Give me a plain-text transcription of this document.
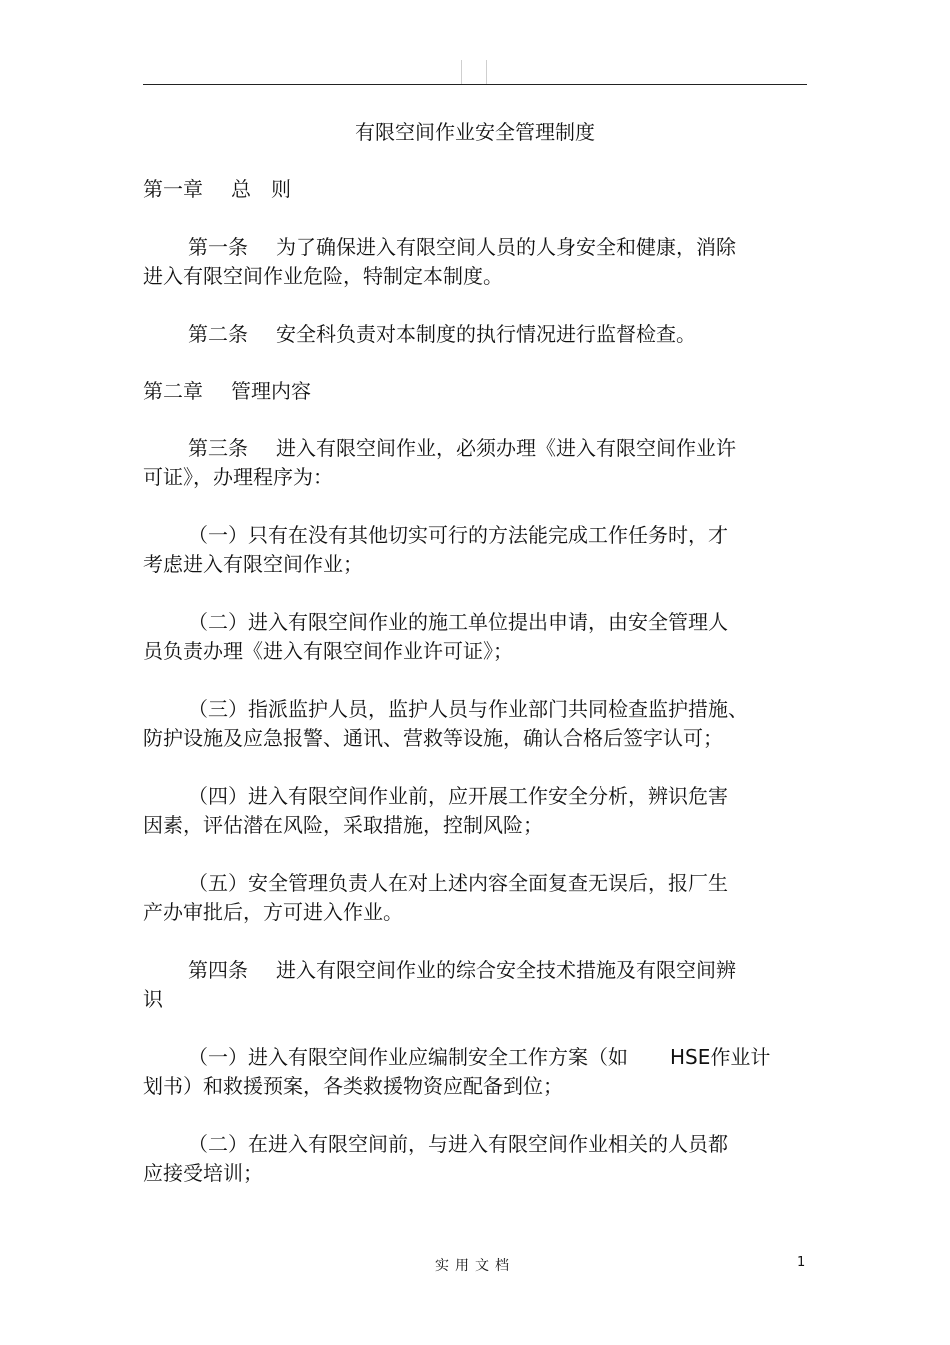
有限空间作业安全管理制度
第一章 总　则
第一条 为了确保进入有限空间人员的人身安全和健康，消除
进入有限空间作业危险，特制定本制度。
第二条 安全科负责对本制度的执行情况进行监督检查。
第二章 管理内容
第三条 进入有限空间作业，必须办理《进入有限空间作业许
可证》，办理程序为：
（一）只有在没有其他切实可行的方法能完成工作任务时，才
考虑进入有限空间作业；
（二）进入有限空间作业的施工单位提出申请，由安全管理人
员负责办理《进入有限空间作业许可证》；
（三）指派监护人员，监护人员与作业部门共同检查监护措施、
防护设施及应急报警、通讯、营救等设施，确认合格后签字认可；
（四）进入有限空间作业前，应开展工作安全分析，辨识危害
因素，评估潜在风险，采取措施，控制风险；
（五）安全管理负责人在对上述内容全面复查无误后，报厂生
产办审批后，方可进入作业。
第四条 进入有限空间作业的综合安全技术措施及有限空间辨
识
（一）进入有限空间作业应编制安全工作方案（如 HSE作业计
划书）和救援预案，各类救援物资应配备到位；
（二）在进入有限空间前，与进入有限空间作业相关的人员都
应接受培训；
实用文档	1
